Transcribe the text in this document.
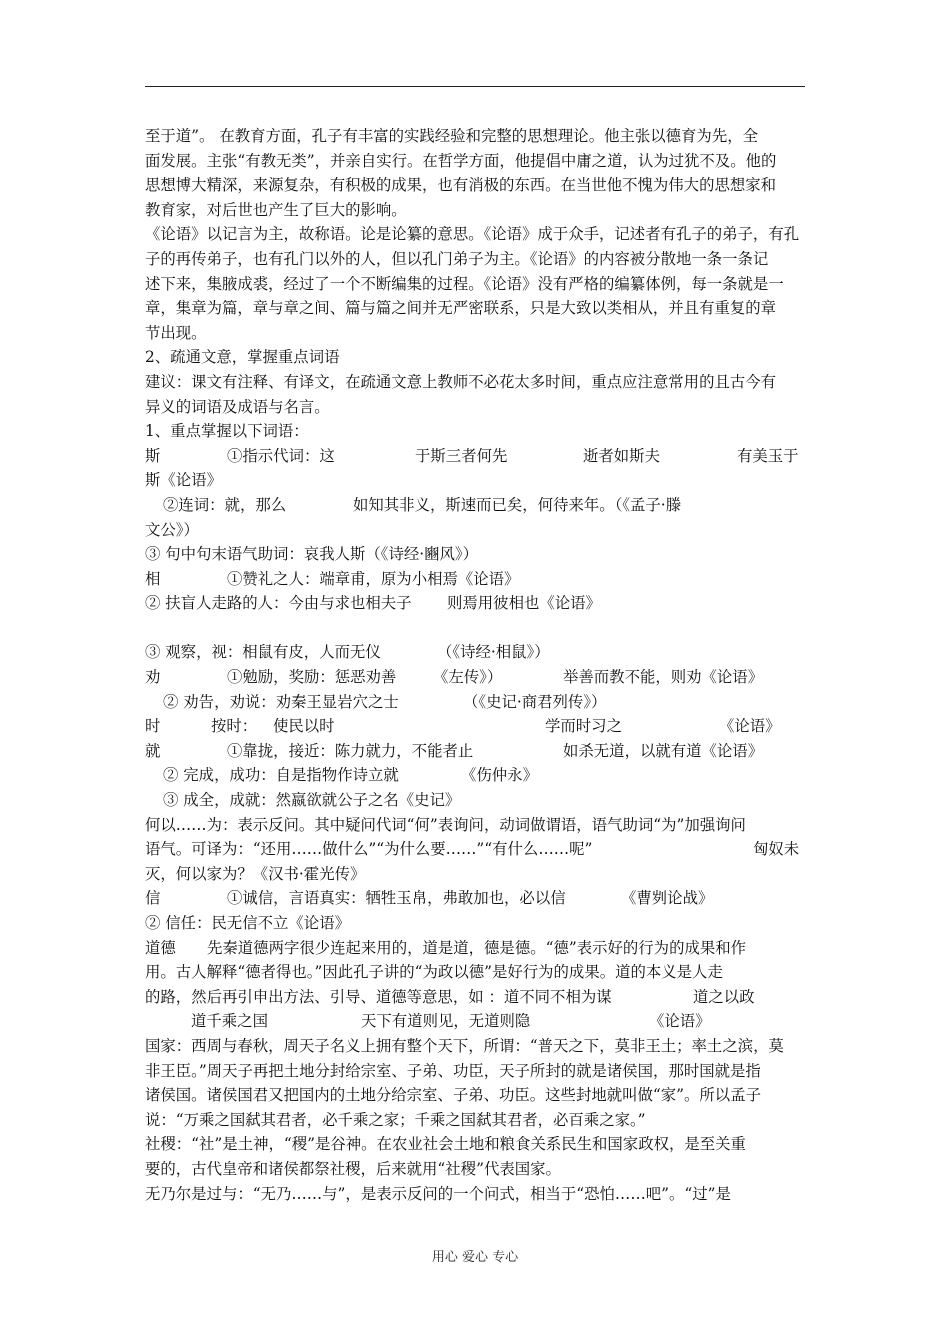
至于道”。 在教育方面，孔子有丰富的实践经验和完整的思想理论。他主张以德育为先，全
面发展。主张“有教无类”，并亲自实行。在哲学方面，他提倡中庸之道，认为过犹不及。他的
思想博大精深，来源复杂，有积极的成果，也有消极的东西。在当世他不愧为伟大的思想家和
教育家，对后世也产生了巨大的影响。
《论语》以记言为主，故称语。论是论纂的意思。《论语》成于众手，记述者有孔子的弟子，有孔
子的再传弟子，也有孔门以外的人，但以孔门弟子为主。《论语》的内容被分散地一条一条记
述下来，集腋成裘，经过了一个不断编集的过程。《论语》没有严格的编纂体例，每一条就是一
章，集章为篇，章与章之间、篇与篇之间并无严密联系，只是大致以类相从，并且有重复的章
节出现。
2、疏通文意，掌握重点词语
建议：课文有注释、有译文，在疏通文意上教师不必花太多时间，重点应注意常用的且古今有
异义的词语及成语与名言。
1、重点掌握以下词语：
斯	①指示代词：这	于斯三者何先	逝者如斯夫	有美玉于
斯《论语》
②连词：就，那么	如知其非义，斯速而已矣，何待来年。（《孟子·滕
文公》）
③ 句中句末语气助词：哀我人斯（《诗经·豳风》）
相	①赞礼之人：端章甫，原为小相焉《论语》
② 扶盲人走路的人：今由与求也相夫子 则焉用彼相也《论语》
③ 观察，视：相鼠有皮，人而无仪	（《诗经·相鼠》）
劝	①勉励，奖励：惩恶劝善 《左传》）	举善而教不能，则劝《论语》
② 劝告，劝说：劝秦王显岩穴之士	（《史记·商君列传》）
时	按时： 使民以时	学而时习之	《论语》
就	①靠拢，接近：陈力就力，不能者止	如杀无道，以就有道《论语》
② 完成，成功：自是指物作诗立就	《伤仲永》
③ 成全，成就：然嬴欲就公子之名《史记》
何以……为：表示反问。其中疑问代词“何”表询问，动词做谓语，语气助词“为”加强询问
语气。可译为：“还用……做什么”“为什么要……”“有什么……呢”	匈奴未
灭，何以家为？《汉书·霍光传》
信	①诚信，言语真实：牺牲玉帛，弗敢加也，必以信	《曹刿论战》
② 信任：民无信不立《论语》
道德 先秦道德两字很少连起来用的，道是道，德是德。“德”表示好的行为的成果和作
用。古人解释“德者得也。”因此孔子讲的“为政以德”是好行为的成果。道的本义是人走
的路，然后再引申出方法、引导、道德等意思，如 ：道不同不相为谋	道之以政
道千乘之国	天下有道则见，无道则隐	《论语》
国家：西周与春秋，周天子名义上拥有整个天下，所谓：“普天之下，莫非王土；率土之滨，莫
非王臣。”周天子再把土地分封给宗室、子弟、功臣，天子所封的就是诸侯国，那时国就是指
诸侯国。诸侯国君又把国内的土地分给宗室、子弟、功臣。这些封地就叫做“家”。所以孟子
说：“万乘之国弑其君者，必千乘之家；千乘之国弑其君者，必百乘之家。”
社稷：“社”是土神，“稷”是谷神。在农业社会土地和粮食关系民生和国家政权，是至关重
要的，古代皇帝和诸侯都祭社稷，后来就用“社稷”代表国家。
无乃尔是过与：“无乃……与”，是表示反问的一个问式，相当于“恐怕……吧”。“过”是
用心 爱心 专心
